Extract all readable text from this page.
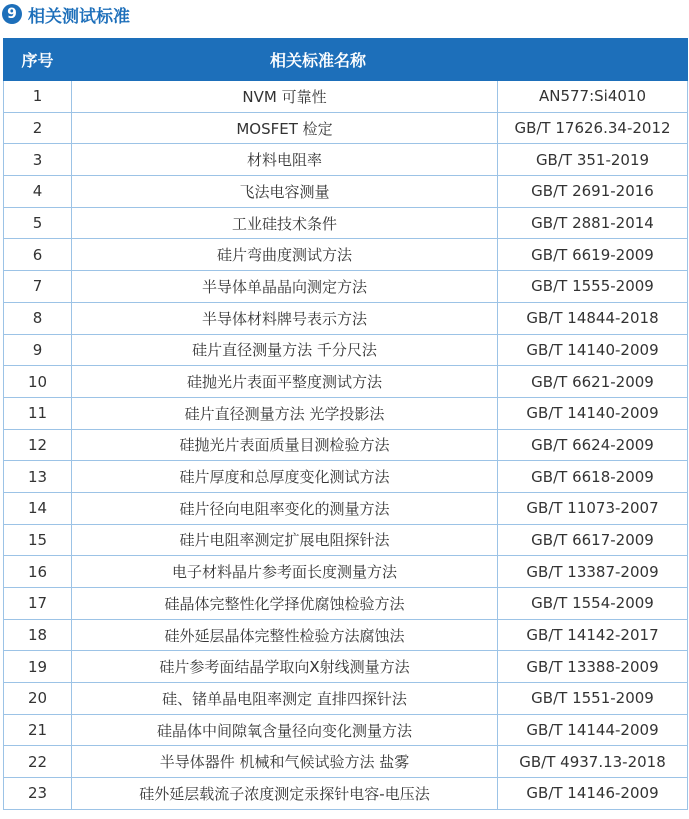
9 相关测试标准
序号	相关标准名称	
1	NVM 可靠性	AN577:Si4010
2	MOSFET 检定	GB/T 17626.34-2012
3	材料电阻率	GB/T 351-2019
4	飞法电容测量	GB/T 2691-2016
5	工业硅技术条件	GB/T 2881-2014
6	硅片弯曲度测试方法	GB/T 6619-2009
7	半导体单晶晶向测定方法	GB/T 1555-2009
8	半导体材料牌号表示方法	GB/T 14844-2018
9	硅片直径测量方法 千分尺法	GB/T 14140-2009
10	硅抛光片表面平整度测试方法	GB/T 6621-2009
11	硅片直径测量方法 光学投影法	GB/T 14140-2009
12	硅抛光片表面质量目测检验方法	GB/T 6624-2009
13	硅片厚度和总厚度变化测试方法	GB/T 6618-2009
14	硅片径向电阻率变化的测量方法	GB/T 11073-2007
15	硅片电阻率测定扩展电阻探针法	GB/T 6617-2009
16	电子材料晶片参考面长度测量方法	GB/T 13387-2009
17	硅晶体完整性化学择优腐蚀检验方法	GB/T 1554-2009
18	硅外延层晶体完整性检验方法腐蚀法	GB/T 14142-2017
19	硅片参考面结晶学取向X射线测量方法	GB/T 13388-2009
20	硅、锗单晶电阻率测定 直排四探针法	GB/T 1551-2009
21	硅晶体中间隙氧含量径向变化测量方法	GB/T 14144-2009
22	半导体器件 机械和气候试验方法 盐雾	GB/T 4937.13-2018
23	硅外延层载流子浓度测定汞探针电容-电压法	GB/T 14146-2009
